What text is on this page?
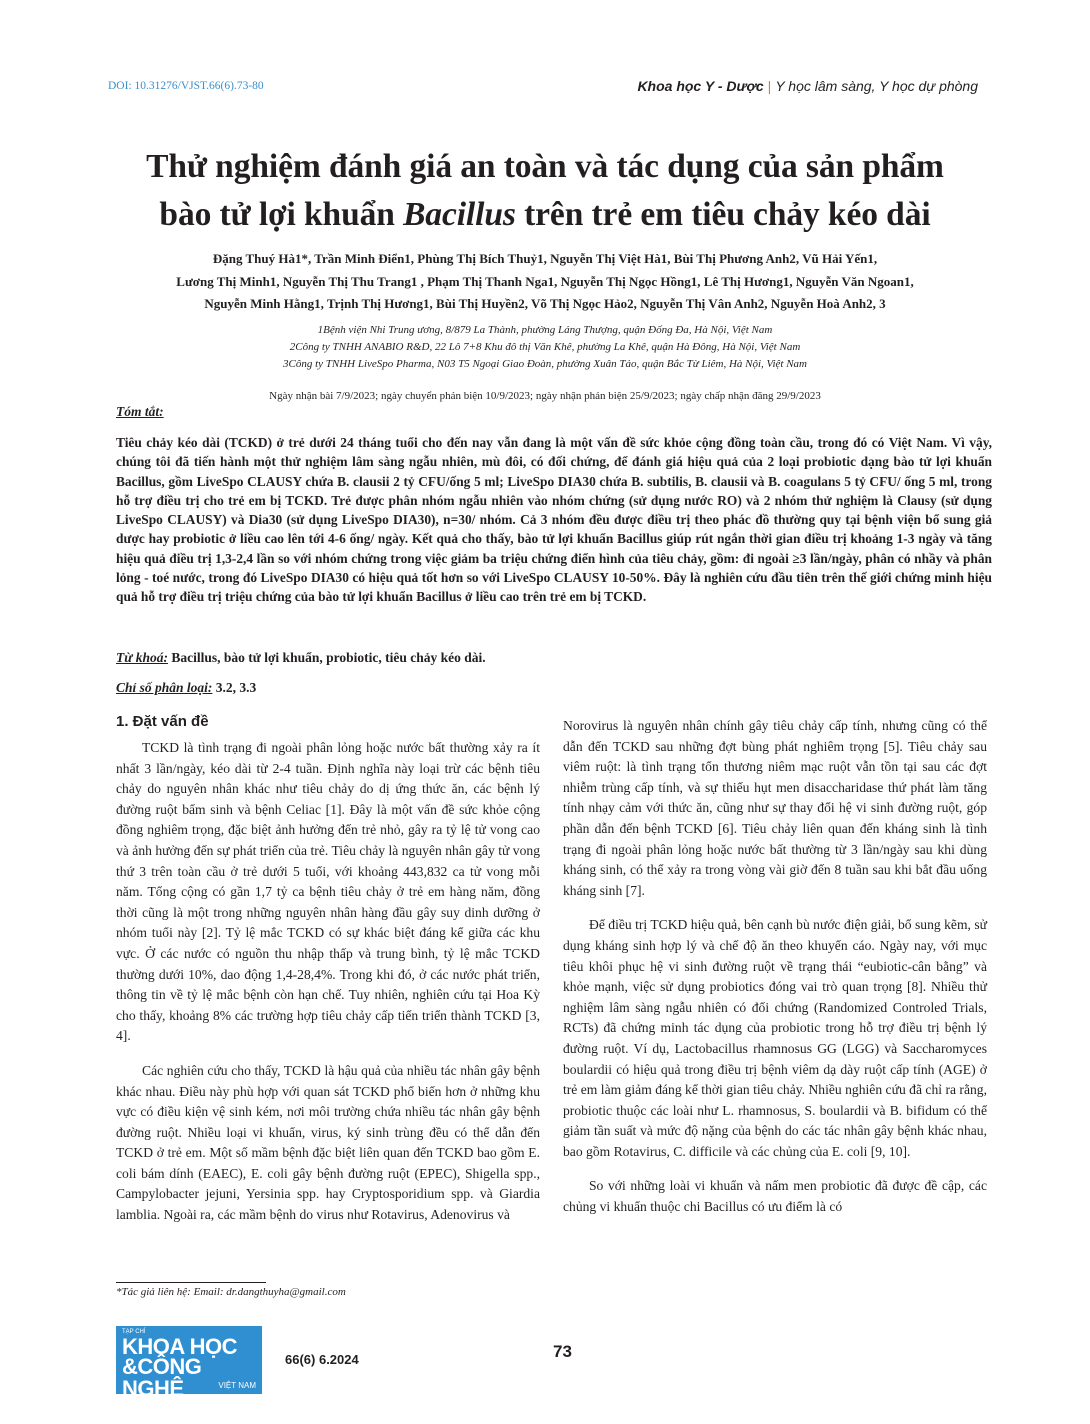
DOI: 10.31276/VJST.66(6).73-80	Khoa học Y - Dược | Y học lâm sàng, Y học dự phòng
Thử nghiệm đánh giá an toàn và tác dụng của sản phẩm
bào tử lợi khuẩn Bacillus trên trẻ em tiêu chảy kéo dài
Đặng Thuý Hà1*, Trần Minh Điển1, Phùng Thị Bích Thuỷ1, Nguyễn Thị Việt Hà1, Bùi Thị Phương Anh2, Vũ Hải Yến1,
Lương Thị Minh1, Nguyễn Thị Thu Trang1 , Phạm Thị Thanh Nga1, Nguyễn Thị Ngọc Hồng1, Lê Thị Hương1, Nguyễn Văn Ngoan1,
Nguyễn Minh Hằng1, Trịnh Thị Hương1, Bùi Thị Huyền2, Võ Thị Ngọc Hảo2, Nguyễn Thị Vân Anh2, Nguyễn Hoà Anh2, 3
1Bệnh viện Nhi Trung ương, 8/879 La Thành, phường Láng Thượng, quận Đống Đa, Hà Nội, Việt Nam
2Công ty TNHH ANABIO R&D, 22 Lô 7+8 Khu đô thị Văn Khê, phường La Khê, quận Hà Đông, Hà Nội, Việt Nam
3Công ty TNHH LiveSpo Pharma, N03 T5 Ngoại Giao Đoàn, phường Xuân Tảo, quận Bắc Từ Liêm, Hà Nội, Việt Nam
Ngày nhận bài 7/9/2023; ngày chuyển phản biện 10/9/2023; ngày nhận phản biện 25/9/2023; ngày chấp nhận đăng 29/9/2023
Tóm tắt:
Tiêu chảy kéo dài (TCKD) ở trẻ dưới 24 tháng tuổi cho đến nay vẫn đang là một vấn đề sức khỏe cộng đồng toàn cầu, trong đó có Việt Nam. Vì vậy, chúng tôi đã tiến hành một thử nghiệm lâm sàng ngẫu nhiên, mù đôi, có đối chứng, để đánh giá hiệu quả của 2 loại probiotic dạng bào tử lợi khuẩn Bacillus, gồm LiveSpo CLAUSY chứa B. clausii 2 tỷ CFU/ống 5 ml; LiveSpo DIA30 chứa B. subtilis, B. clausii và B. coagulans 5 tỷ CFU/ ống 5 ml, trong hỗ trợ điều trị cho trẻ em bị TCKD. Trẻ được phân nhóm ngẫu nhiên vào nhóm chứng (sử dụng nước RO) và 2 nhóm thử nghiệm là Clausy (sử dụng LiveSpo CLAUSY) và Dia30 (sử dụng LiveSpo DIA30), n=30/ nhóm. Cả 3 nhóm đều được điều trị theo phác đồ thường quy tại bệnh viện bổ sung giả dược hay probiotic ở liều cao lên tới 4-6 ống/ ngày. Kết quả cho thấy, bào tử lợi khuẩn Bacillus giúp rút ngắn thời gian điều trị khoảng 1-3 ngày và tăng hiệu quả điều trị 1,3-2,4 lần so với nhóm chứng trong việc giảm ba triệu chứng điển hình của tiêu chảy, gồm: đi ngoài ≥3 lần/ngày, phân có nhầy và phân lỏng - toé nước, trong đó LiveSpo DIA30 có hiệu quả tốt hơn so với LiveSpo CLAUSY 10-50%. Đây là nghiên cứu đầu tiên trên thế giới chứng minh hiệu quả hỗ trợ điều trị triệu chứng của bào tử lợi khuẩn Bacillus ở liều cao trên trẻ em bị TCKD.
Từ khoá: Bacillus, bào tử lợi khuẩn, probiotic, tiêu chảy kéo dài.
Chỉ số phân loại: 3.2, 3.3
1. Đặt vấn đề

TCKD là tình trạng đi ngoài phân lỏng hoặc nước bất thường xảy ra ít nhất 3 lần/ngày, kéo dài từ 2-4 tuần. Định nghĩa này loại trừ các bệnh tiêu chảy do nguyên nhân khác như tiêu chảy do dị ứng thức ăn, các bệnh lý đường ruột bẩm sinh và bệnh Celiac [1]. Đây là một vấn đề sức khỏe cộng đồng nghiêm trọng, đặc biệt ảnh hưởng đến trẻ nhỏ, gây ra tỷ lệ tử vong cao và ảnh hưởng đến sự phát triển của trẻ. Tiêu chảy là nguyên nhân gây tử vong thứ 3 trên toàn cầu ở trẻ dưới 5 tuổi, với khoảng 443,832 ca tử vong mỗi năm. Tổng cộng có gần 1,7 tỷ ca bệnh tiêu chảy ở trẻ em hàng năm, đồng thời cũng là một trong những nguyên nhân hàng đầu gây suy dinh dưỡng ở nhóm tuổi này [2]. Tỷ lệ mắc TCKD có sự khác biệt đáng kể giữa các khu vực. Ở các nước có nguồn thu nhập thấp và trung bình, tỷ lệ mắc TCKD thường dưới 10%, dao động 1,4-28,4%. Trong khi đó, ở các nước phát triển, thông tin về tỷ lệ mắc bệnh còn hạn chế. Tuy nhiên, nghiên cứu tại Hoa Kỳ cho thấy, khoảng 8% các trường hợp tiêu chảy cấp tiến triển thành TCKD [3, 4].

Các nghiên cứu cho thấy, TCKD là hậu quả của nhiều tác nhân gây bệnh khác nhau. Điều này phù hợp với quan sát TCKD phổ biến hơn ở những khu vực có điều kiện vệ sinh kém, nơi môi trường chứa nhiều tác nhân gây bệnh đường ruột. Nhiều loại vi khuẩn, virus, ký sinh trùng đều có thể dẫn đến TCKD ở trẻ em. Một số mầm bệnh đặc biệt liên quan đến TCKD bao gồm E. coli bám dính (EAEC), E. coli gây bệnh đường ruột (EPEC), Shigella spp., Campylobacter jejuni, Yersinia spp. hay Cryptosporidium spp. và Giardia lamblia. Ngoài ra, các mầm bệnh do virus như Rotavirus, Adenovirus và

Norovirus là nguyên nhân chính gây tiêu chảy cấp tính, nhưng cũng có thể dẫn đến TCKD sau những đợt bùng phát nghiêm trọng [5]. Tiêu chảy sau viêm ruột: là tình trạng tổn thương niêm mạc ruột vẫn tồn tại sau các đợt nhiễm trùng cấp tính, và sự thiếu hụt men disaccharidase thứ phát làm tăng tính nhạy cảm với thức ăn, cũng như sự thay đổi hệ vi sinh đường ruột, góp phần dẫn đến bệnh TCKD [6]. Tiêu chảy liên quan đến kháng sinh là tình trạng đi ngoài phân lỏng hoặc nước bất thường từ 3 lần/ngày sau khi dùng kháng sinh, có thể xảy ra trong vòng vài giờ đến 8 tuần sau khi bắt đầu uống kháng sinh [7].

Để điều trị TCKD hiệu quả, bên cạnh bù nước điện giải, bổ sung kẽm, sử dụng kháng sinh hợp lý và chế độ ăn theo khuyến cáo. Ngày nay, với mục tiêu khôi phục hệ vi sinh đường ruột về trạng thái “eubiotic-cân bằng” và khỏe mạnh, việc sử dụng probiotics đóng vai trò quan trọng [8]. Nhiều thử nghiệm lâm sàng ngẫu nhiên có đối chứng (Randomized Controled Trials, RCTs) đã chứng minh tác dụng của probiotic trong hỗ trợ điều trị bệnh lý đường ruột. Ví dụ, Lactobacillus rhamnosus GG (LGG) và Saccharomyces boulardii có hiệu quả trong điều trị bệnh viêm dạ dày ruột cấp tính (AGE) ở trẻ em làm giảm đáng kể thời gian tiêu chảy. Nhiều nghiên cứu đã chỉ ra rằng, probiotic thuộc các loài như L. rhamnosus, S. boulardii và B. bifidum có thể giảm tần suất và mức độ nặng của bệnh do các tác nhân gây bệnh khác nhau, bao gồm Rotavirus, C. difficile và các chủng của E. coli [9, 10].

So với những loài vi khuẩn và nấm men probiotic đã được đề cập, các chủng vi khuẩn thuộc chi Bacillus có ưu điểm là có

*Tác giả liên hệ: Email: dr.dangthuyha@gmail.com
TẠP CHÍ
KHOA HỌC
&CÔNG NGHỆ	VIỆT NAM
66(6) 6.2024	73
